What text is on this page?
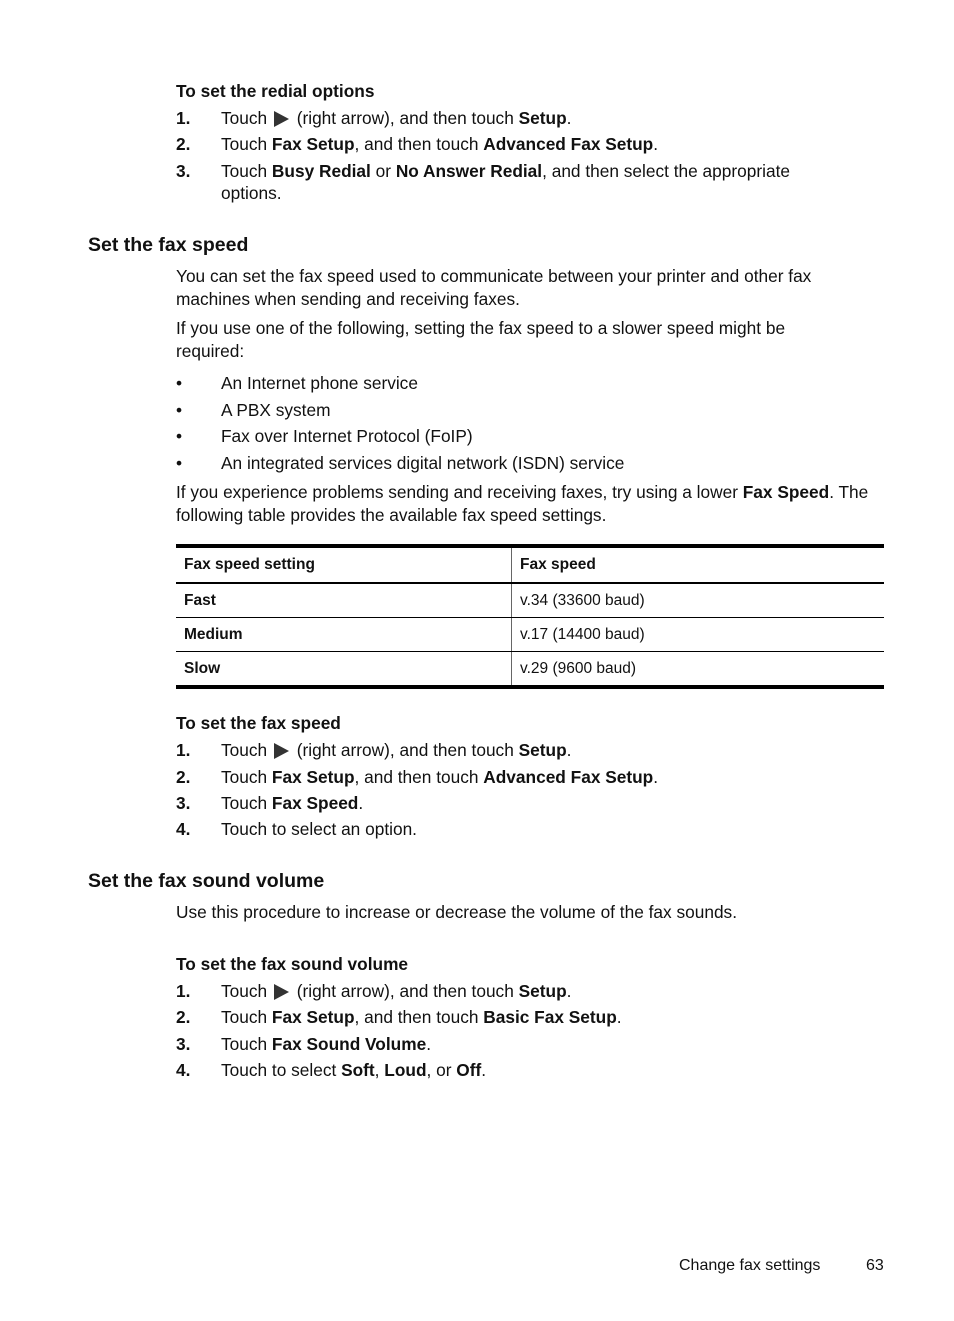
To set the redial options
Set the fax speed
You can set the fax speed used to communicate between your printer and other fax machines when sending and receiving faxes.
If you use one of the following, setting the fax speed to a slower speed might be required:
• An Internet phone service
• A PBX system
• Fax over Internet Protocol (FoIP)
• An integrated services digital network (ISDN) service
If you experience problems sending and receiving faxes, try using a lower Fax Speed. The following table provides the available fax speed settings.
Fax speed setting	Fax speed
Fast	v.34 (33600 baud)
Medium	v.17 (14400 baud)
Slow	v.29 (9600 baud)
To set the fax speed
Set the fax sound volume
Use this procedure to increase or decrease the volume of the fax sounds.
To set the fax sound volume
Change fax settings	63
1. Touch  (right arrow), and then touch Setup.
2. Touch Fax Setup, and then touch Advanced Fax Setup.
3. Touch Busy Redial or No Answer Redial, and then select the appropriate options.
1. Touch  (right arrow), and then touch Setup.
2. Touch Fax Setup, and then touch Advanced Fax Setup.
3. Touch Fax Speed.
4. Touch to select an option.
1. Touch  (right arrow), and then touch Setup.
2. Touch Fax Setup, and then touch Basic Fax Setup.
3. Touch Fax Sound Volume.
4. Touch to select Soft, Loud, or Off.
